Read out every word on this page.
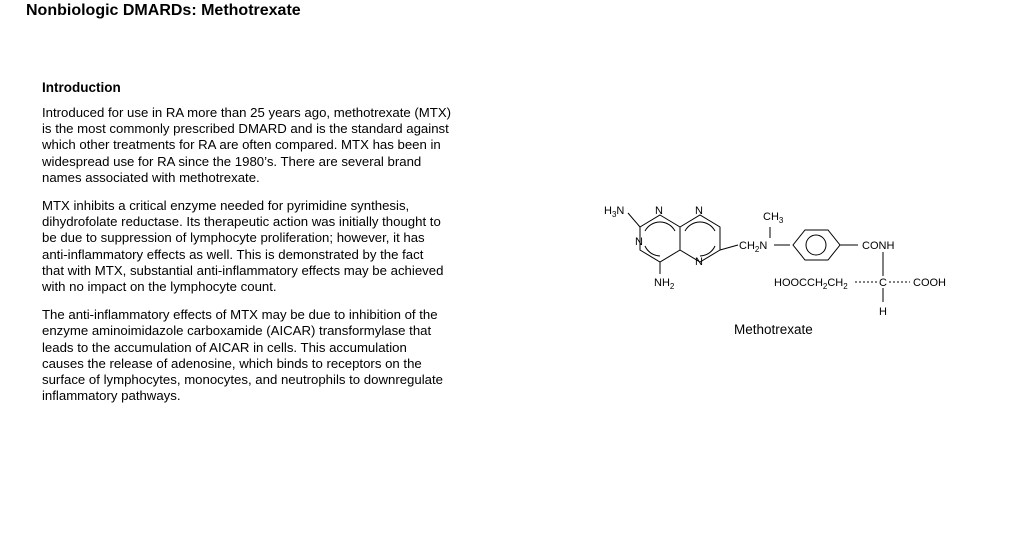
Nonbiologic DMARDs: Methotrexate
Introduction
Introduced for use in RA more than 25 years ago, methotrexate (MTX)
is the most commonly prescribed DMARD and is the standard against
which other treatments for RA are often compared. MTX has been in
widespread use for RA since the 1980’s. There are several brand
names associated with methotrexate.
MTX inhibits a critical enzyme needed for pyrimidine synthesis,
dihydrofolate reductase. Its therapeutic action was initially thought to
be due to suppression of lymphocyte proliferation; however, it has
anti-inflammatory effects as well. This is demonstrated by the fact
that with MTX, substantial anti-inflammatory effects may be achieved
with no impact on the lymphocyte count.
The anti-inflammatory effects of MTX may be due to inhibition of the
enzyme aminoimidazole carboxamide (AICAR) transformylase that
leads to the accumulation of AICAR in cells. This accumulation
causes the release of adenosine, which binds to receptors on the
surface of lymphocytes, monocytes, and neutrophils to downregulate
inflammatory pathways.
$H_3N$	N	N
N
N
$NH_2$
$CH_3$
$CH_2N$	CONH
$HOOCCH_2CH_2$	C COOH
H
Methotrexate
